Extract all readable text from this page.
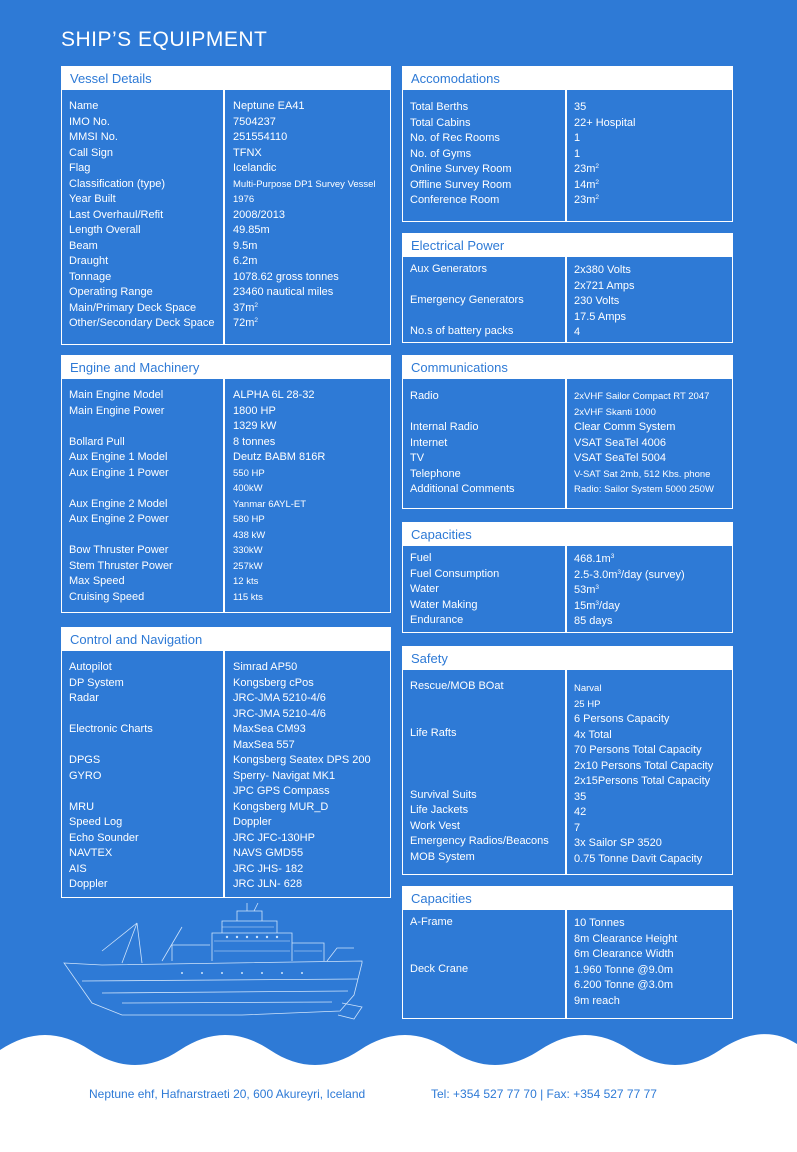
SHIP’S EQUIPMENT
Vessel Details
Name
IMO No.
MMSI No.
Call Sign
Flag
Classification (type)
Year Built
Last Overhaul/Refit
Length Overall
Beam
Draught
Tonnage
Operating Range
Main/Primary Deck Space
Other/Secondary Deck Space
Neptune EA41
7504237
251554110
TFNX
Icelandic
Multi-Purpose DP1 Survey Vessel
1976
2008/2013
49.85m
9.5m
6.2m
1078.62 gross tonnes
23460 nautical miles
$37m^2$
$72m^2$
Engine and Machinery
Main Engine Model
Main Engine Power
Bollard Pull
Aux Engine 1 Model
Aux Engine 1 Power
Aux Engine 2 Model
Aux Engine 2 Power
Bow Thruster Power
Stem Thruster Power
Max Speed
Cruising Speed
ALPHA 6L 28-32
1800 HP
1329 kW
8 tonnes
Deutz BABM 816R
550 HP
400kW
Yanmar 6AYL-ET
580 HP
438 kW
330kW
257kW
12 kts
115 kts
Control and Navigation
Autopilot
DP System
Radar
Electronic Charts
DPGS
GYRO
MRU
Speed Log
Echo Sounder
NAVTEX
AIS
Doppler
Simrad AP50
Kongsberg cPos
JRC-JMA 5210-4/6
JRC-JMA 5210-4/6
MaxSea CM93
MaxSea 557
Kongsberg Seatex DPS 200
Sperry- Navigat MK1
JPC GPS Compass
Kongsberg MUR_D
Doppler
JRC JFC-130HP
NAVS GMD55
JRC JHS- 182
JRC JLN- 628
Accomodations
Total Berths
Total Cabins
No. of Rec Rooms
No. of Gyms
Online Survey Room
Offline Survey Room
Conference Room
35
22+ Hospital
1
1
$23m^2$
$14m^2$
$23m^2$
Electrical Power
Aux Generators
Emergency Generators
No.s of battery packs
2x380 Volts
2x721 Amps
230 Volts
17.5 Amps
4
Communications
Radio
Internal Radio
Internet
TV
Telephone
Additional Comments
2xVHF Sailor Compact RT 2047
2xVHF Skanti 1000
Clear Comm System
VSAT SeaTel 4006
VSAT SeaTel 5004
V-SAT Sat 2mb, 512 Kbs. phone
Radio: Sailor System 5000 250W
Capacities
Fuel
Fuel Consumption
Water
Water Making
Endurance
$468.1m^3$
$2.5-3.0m^3$/day (survey)
$53m^3$
$15m^3$/day
85 days
Safety
Rescue/MOB BOat
Life Rafts
Survival Suits
Life Jackets
Work Vest
Emergency Radios/Beacons
MOB System
Narval
25 HP
6 Persons Capacity
4x Total
70 Persons Total Capacity
2x10 Persons Total Capacity
2x15Persons Total Capacity
35
42
7
3x Sailor SP 3520
0.75 Tonne Davit Capacity
Capacities
A-Frame
Deck Crane
10 Tonnes
8m Clearance Height
6m Clearance Width
1.960 Tonne @9.0m
6.200 Tonne @3.0m
9m reach
Neptune ehf, Hafnarstraeti 20, 600 Akureyri, Iceland	Tel: +354 527 77 70 | Fax: +354 527 77 77
